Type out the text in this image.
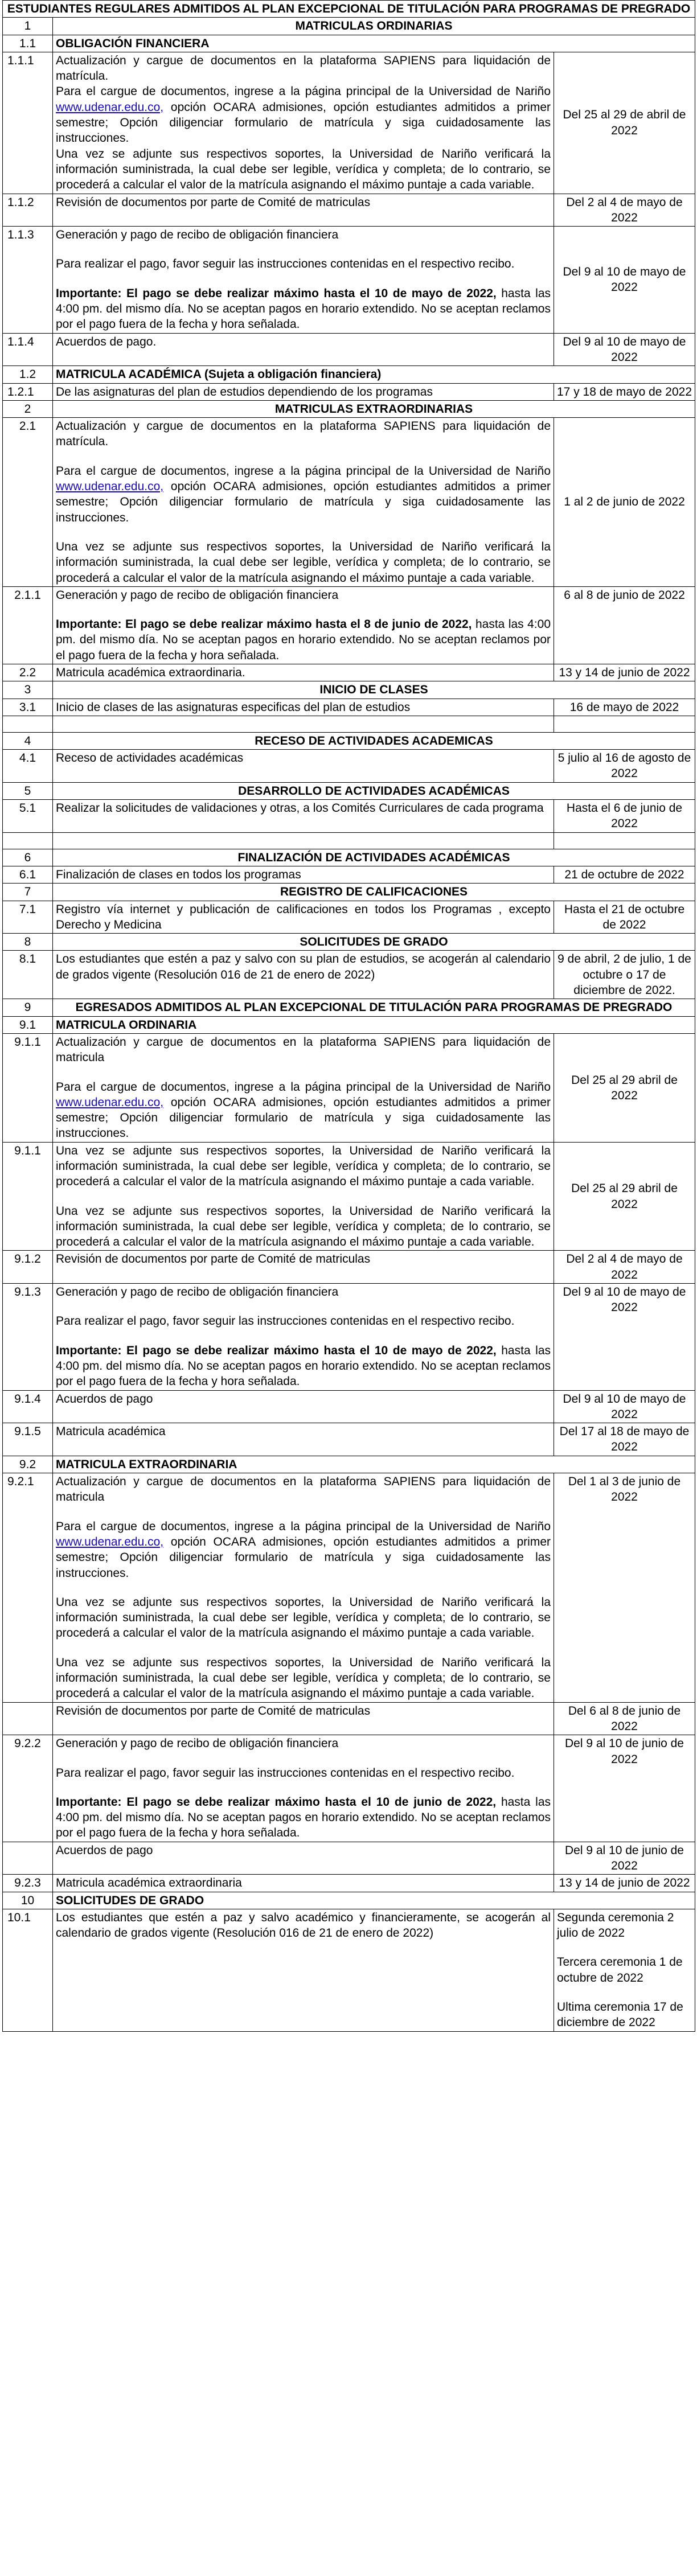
ESTUDIANTES REGULARES ADMITIDOS AL PLAN EXCEPCIONAL DE TITULACIÓN PARA PROGRAMAS DE PREGRADO		
1	MATRICULAS ORDINARIAS	
1.1	OBLIGACIÓN FINANCIERA	
1.1.1	Actualización y cargue de documentos en la plataforma SAPIENS para liquidación de matrícula.

Para el cargue de documentos, ingrese a la página principal de la Universidad de Nariño www.udenar.edu.co, opción OCARA admisiones, opción estudiantes admitidos a primer semestre; Opción diligenciar formulario de matrícula y siga cuidadosamente las instrucciones.

Una vez se adjunte sus respectivos soportes, la Universidad de Nariño verificará la información suministrada, la cual debe ser legible, verídica y completa; de lo contrario, se procederá a calcular el valor de la matrícula asignando el máximo puntaje a cada variable.	Del 25 al 29 de abril de 2022
1.1.2	Revisión de documentos por parte de Comité de matriculas	Del 2 al 4 de mayo de 2022
1.1.3	Generación y pago de recibo de obligación financiera

Para realizar el pago, favor seguir las instrucciones contenidas en el respectivo recibo.

Importante: El pago se debe realizar máximo hasta el 10 de mayo de 2022, hasta las 4:00 pm. del mismo día. No se aceptan pagos en horario extendido. No se aceptan reclamos por el pago fuera de la fecha y hora señalada.	Del 9 al 10 de mayo de 2022
1.1.4	Acuerdos de pago.	Del 9 al 10 de mayo de 2022
1.2	MATRICULA ACADÉMICA (Sujeta a obligación financiera)	
1.2.1	De las asignaturas del plan de estudios dependiendo de los programas	17 y 18 de mayo de 2022
2	MATRICULAS EXTRAORDINARIAS	
2.1	Actualización y cargue de documentos en la plataforma SAPIENS para liquidación de matrícula.

Para el cargue de documentos, ingrese a la página principal de la Universidad de Nariño www.udenar.edu.co, opción OCARA admisiones, opción estudiantes admitidos a primer semestre; Opción diligenciar formulario de matrícula y siga cuidadosamente las instrucciones.

Una vez se adjunte sus respectivos soportes, la Universidad de Nariño verificará la información suministrada, la cual debe ser legible, verídica y completa; de lo contrario, se procederá a calcular el valor de la matrícula asignando el máximo puntaje a cada variable.	1 al 2 de junio de 2022
2.1.1	Generación y pago de recibo de obligación financiera

Importante: El pago se debe realizar máximo hasta el 8 de junio de 2022, hasta las 4:00 pm. del mismo día. No se aceptan pagos en horario extendido. No se aceptan reclamos por el pago fuera de la fecha y hora señalada.	6 al 8 de junio de 2022
2.2	Matricula académica extraordinaria.	13 y 14 de junio de 2022
3	INICIO DE CLASES	
3.1	Inicio de clases de las asignaturas especificas del plan de estudios	16 de mayo de 2022

4	RECESO DE ACTIVIDADES ACADEMICAS	
4.1	Receso de actividades académicas	5 julio al 16 de agosto de 2022
5	DESARROLLO DE ACTIVIDADES ACADÉMICAS	
5.1	Realizar la solicitudes de validaciones y otras, a los Comités Curriculares de cada programa	Hasta el 6 de junio de 2022

6	FINALIZACIÓN DE ACTIVIDADES ACADÉMICAS	
6.1	Finalización de clases en todos los programas	21 de octubre de 2022
7	REGISTRO DE CALIFICACIONES	
7.1	Registro vía internet y publicación de calificaciones en todos los Programas , excepto Derecho y Medicina	Hasta el 21 de octubre de 2022
8	SOLICITUDES DE GRADO	
8.1	Los estudiantes que estén a paz y salvo con su plan de estudios, se acogerán al calendario de grados vigente (Resolución 016 de 21 de enero de 2022)	9 de abril, 2 de julio, 1 de octubre o 17 de diciembre de 2022.
9	EGRESADOS ADMITIDOS AL PLAN EXCEPCIONAL DE TITULACIÓN PARA PROGRAMAS DE PREGRADO	
9.1	MATRICULA ORDINARIA	
9.1.1	Actualización y cargue de documentos en la plataforma SAPIENS para liquidación de matricula

Para el cargue de documentos, ingrese a la página principal de la Universidad de Nariño www.udenar.edu.co, opción OCARA admisiones, opción estudiantes admitidos a primer semestre; Opción diligenciar formulario de matrícula y siga cuidadosamente las instrucciones.	Del 25 al 29 abril de 2022
9.1.1	Una vez se adjunte sus respectivos soportes, la Universidad de Nariño verificará la información suministrada, la cual debe ser legible, verídica y completa; de lo contrario, se procederá a calcular el valor de la matrícula asignando el máximo puntaje a cada variable.

Una vez se adjunte sus respectivos soportes, la Universidad de Nariño verificará la información suministrada, la cual debe ser legible, verídica y completa; de lo contrario, se procederá a calcular el valor de la matrícula asignando el máximo puntaje a cada variable.	Del 25 al 29 abril de 2022
9.1.2	Revisión de documentos por parte de Comité de matriculas	Del 2 al 4 de mayo de 2022
9.1.3	Generación y pago de recibo de obligación financiera

Para realizar el pago, favor seguir las instrucciones contenidas en el respectivo recibo.

Importante: El pago se debe realizar máximo hasta el 10 de mayo de 2022, hasta las 4:00 pm. del mismo día. No se aceptan pagos en horario extendido. No se aceptan reclamos por el pago fuera de la fecha y hora señalada.	Del 9 al 10 de mayo de 2022
9.1.4	Acuerdos de pago	Del 9 al 10 de mayo de 2022
9.1.5	Matricula académica	Del 17 al 18 de mayo de 2022
9.2	MATRICULA EXTRAORDINARIA	
9.2.1	Actualización y cargue de documentos en la plataforma SAPIENS para liquidación de matricula

Para el cargue de documentos, ingrese a la página principal de la Universidad de Nariño www.udenar.edu.co, opción OCARA admisiones, opción estudiantes admitidos a primer semestre; Opción diligenciar formulario de matrícula y siga cuidadosamente las instrucciones.

Una vez se adjunte sus respectivos soportes, la Universidad de Nariño verificará la información suministrada, la cual debe ser legible, verídica y completa; de lo contrario, se procederá a calcular el valor de la matrícula asignando el máximo puntaje a cada variable.

Una vez se adjunte sus respectivos soportes, la Universidad de Nariño verificará la información suministrada, la cual debe ser legible, verídica y completa; de lo contrario, se procederá a calcular el valor de la matrícula asignando el máximo puntaje a cada variable.	Del 1 al 3 de junio de 2022
	Revisión de documentos por parte de Comité de matriculas	Del 6 al 8 de junio de 2022
9.2.2	Generación y pago de recibo de obligación financiera

Para realizar el pago, favor seguir las instrucciones contenidas en el respectivo recibo.

Importante: El pago se debe realizar máximo hasta el 10 de junio de 2022, hasta las 4:00 pm. del mismo día. No se aceptan pagos en horario extendido. No se aceptan reclamos por el pago fuera de la fecha y hora señalada.	Del 9 al 10 de junio de 2022
	Acuerdos de pago	Del 9 al 10 de junio de 2022
9.2.3	Matricula académica extraordinaria	13 y 14 de junio de 2022
10	SOLICITUDES DE GRADO	
10.1	Los estudiantes que estén a paz y salvo académico y financieramente, se acogerán al calendario de grados vigente (Resolución 016 de 21 de enero de 2022)	Segunda ceremonia 2 julio de 2022
Tercera ceremonia 1 de octubre de 2022
Ultima ceremonia 17 de diciembre de 2022
